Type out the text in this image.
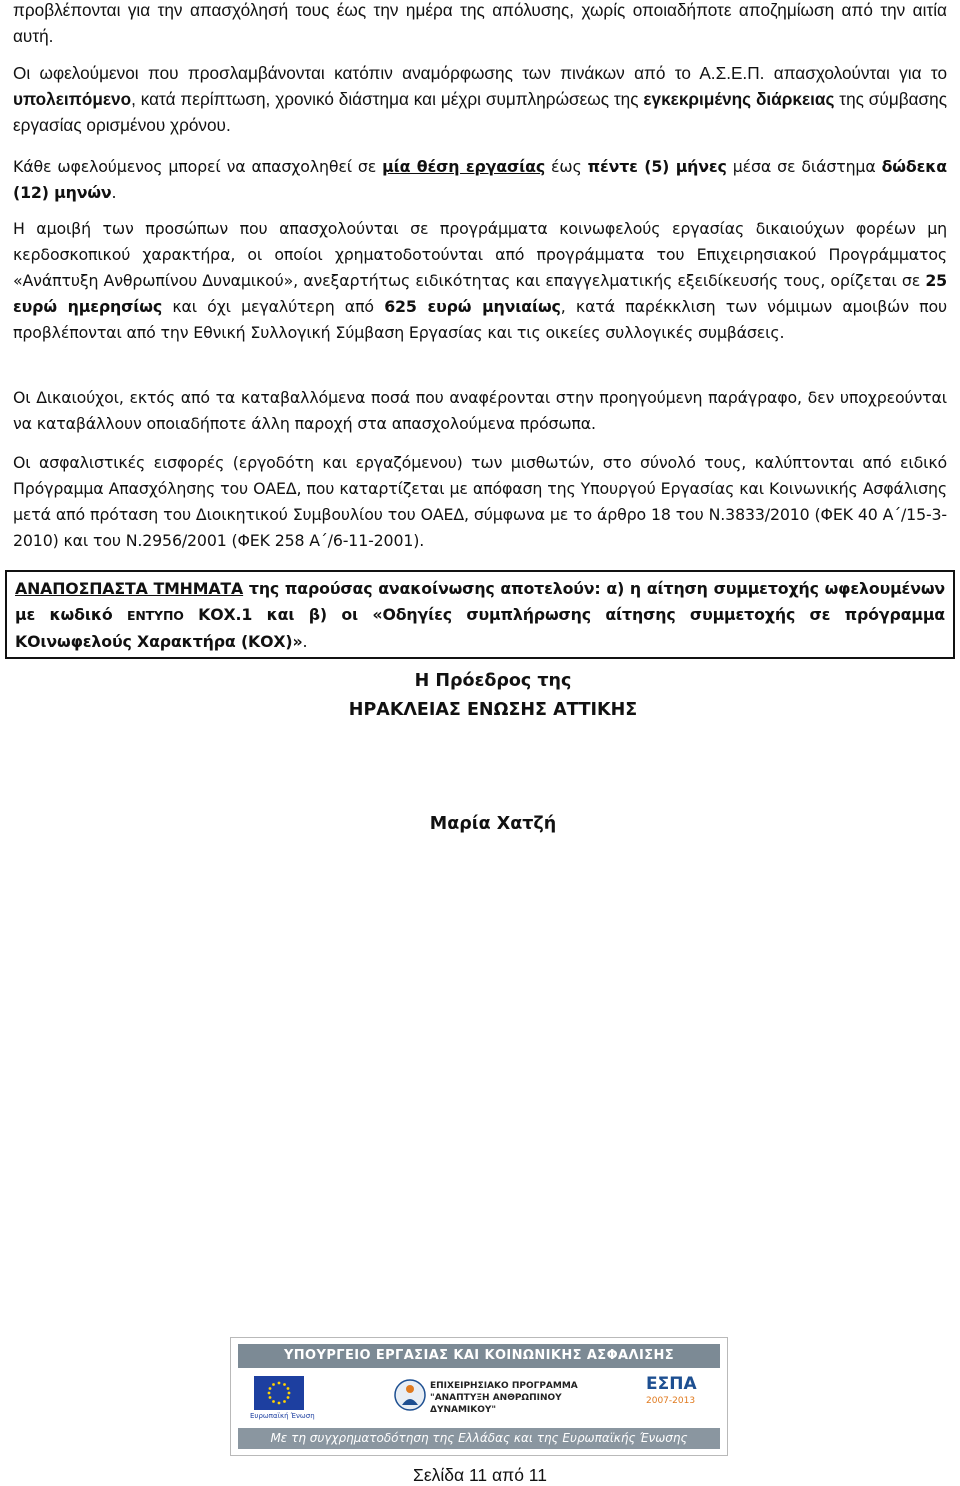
προβλέπονται για την απασχόλησή τους έως την ημέρα της απόλυσης, χωρίς οποιαδήποτε αποζημίωση από την αιτία αυτή.

Οι ωφελούμενοι που προσλαμβάνονται κατόπιν αναμόρφωσης των πινάκων από το Α.Σ.Ε.Π. απασχολούνται για το υπολειπόμενο, κατά περίπτωση, χρονικό διάστημα και μέχρι συμπληρώσεως της εγκεκριμένης διάρκειας της σύμβασης εργασίας ορισμένου χρόνου.

Κάθε ωφελούμενος μπορεί να απασχοληθεί σε μία θέση εργασίας έως πέντε (5) μήνες μέσα σε διάστημα δώδεκα (12) μηνών.

Η αμοιβή των προσώπων που απασχολούνται σε προγράμματα κοινωφελούς εργασίας δικαιούχων φορέων μη κερδοσκοπικού χαρακτήρα, οι οποίοι χρηματοδοτούνται από προγράμματα του Επιχειρησιακού Προγράμματος «Ανάπτυξη Ανθρωπίνου Δυναμικού», ανεξαρτήτως ειδικότητας και επαγγελματικής εξειδίκευσής τους, ορίζεται σε 25 ευρώ ημερησίως και όχι μεγαλύτερη από 625 ευρώ μηνιαίως, κατά παρέκκλιση των νόμιμων αμοιβών που προβλέπονται από την Εθνική Συλλογική Σύμβαση Εργασίας και τις οικείες συλλογικές συμβάσεις.

Οι Δικαιούχοι, εκτός από τα καταβαλλόμενα ποσά που αναφέρονται στην προηγούμενη παράγραφο, δεν υποχρεούνται να καταβάλλουν οποιαδήποτε άλλη παροχή στα απασχολούμενα πρόσωπα.

Οι ασφαλιστικές εισφορές (εργοδότη και εργαζόμενου) των μισθωτών, στο σύνολό τους, καλύπτονται από ειδικό Πρόγραμμα Απασχόλησης του ΟΑΕΔ, που καταρτίζεται με απόφαση της Υπουργού Εργασίας και Κοινωνικής Ασφάλισης μετά από πρόταση του Διοικητικού Συμβουλίου του ΟΑΕΔ, σύμφωνα με το άρθρο 18 του Ν.3833/2010 (ΦΕΚ 40 Α΄/15-3-2010) και του Ν.2956/2001 (ΦΕΚ 258 Α΄/6-11-2001).

ΑΝΑΠΟΣΠΑΣΤΑ ΤΜΗΜΑΤΑ της παρούσας ανακοίνωσης αποτελούν: α) η αίτηση συμμετοχής ωφελουμένων με κωδικό ΕΝΤΥΠΟ ΚΟΧ.1 και β) οι «Οδηγίες συμπλήρωσης αίτησης συμμετοχής σε πρόγραμμα ΚΟινωφελούς Χαρακτήρα (ΚΟΧ)».
Η Πρόεδρος της
ΗΡΑΚΛΕΙΑΣ ΕΝΩΣΗΣ ΑΤΤΙΚΗΣ
Μαρία Χατζή
ΥΠΟΥΡΓΕΙΟ ΕΡΓΑΣΙΑΣ ΚΑΙ ΚΟΙΝΩΝΙΚΗΣ ΑΣΦΑΛΙΣΗΣ
Ευρωπαϊκή Ένωση
ΕΠΙΧΕΙΡΗΣΙΑΚΟ ΠΡΟΓΡΑΜΜΑ
"ΑΝΑΠΤΥΞΗ ΑΝΘΡΩΠΙΝΟΥ ΔΥΝΑΜΙΚΟΥ"
ΕΣΠΑ
2007-2013
Με τη συγχρηματοδότηση της Ελλάδας και της Ευρωπαϊκής Ένωσης
Σελίδα 11 από 11
